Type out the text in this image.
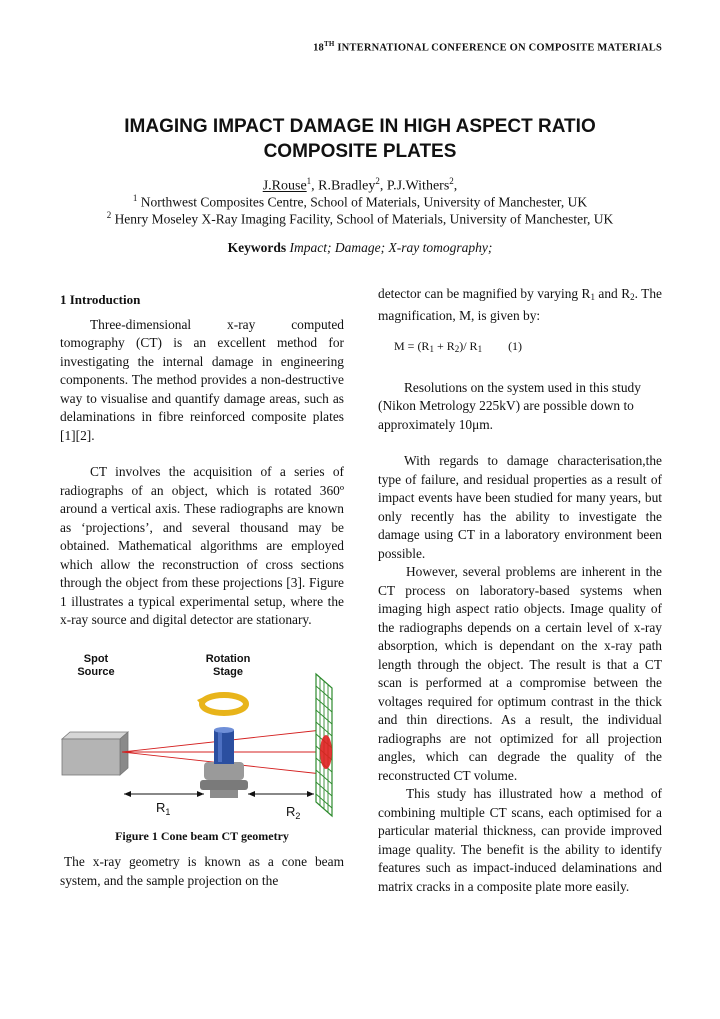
18TH INTERNATIONAL CONFERENCE ON COMPOSITE MATERIALS
IMAGING IMPACT DAMAGE IN HIGH ASPECT RATIO
COMPOSITE PLATES
J.Rouse$^1$, R.Bradley$^2$, P.J.Withers$^2$,
$^1$ Northwest Composites Centre, School of Materials, University of Manchester, UK
$^2$ Henry Moseley X-Ray Imaging Facility, School of Materials, University of Manchester, UK
Keywords Impact; Damage; X-ray tomography;

1 Introduction

Three-dimensional x-ray computed tomography (CT) is an excellent method for investigating the internal damage in engineering components. The method provides a non-destructive way to visualise and quantify damage areas, such as delaminations in fibre reinforced composite plates [1][2].

CT involves the acquisition of a series of radiographs of an object, which is rotated 360º around a vertical axis. These radiographs are known as ‘projections’, and several thousand may be obtained. Mathematical algorithms are employed which allow the reconstruction of cross sections through the object from these projections [3]. Figure 1 illustrates a typical experimental setup, where the x-ray source and digital detector are stationary.

Spot
Source
Rotation
Stage
$R_1$	$R_2$
Figure 1 Cone beam CT geometry

The x-ray geometry is known as a cone beam system, and the sample projection on the

detector can be magnified by varying $R_1$ and $R_2$. The magnification, M, is given by:

$M = (R_1 + R_2)/$ $R_1$ (1)

Resolutions on the system used in this study (Nikon Metrology 225kV) are possible down to approximately 10μm.

With regards to damage characterisation,the type of failure, and residual properties as a result of impact events have been studied for many years, but only recently has the ability to investigate the damage using CT in a laboratory environment been possible.

However, several problems are inherent in the CT process on laboratory-based systems when imaging high aspect ratio objects. Image quality of the radiographs depends on a certain level of x-ray absorption, which is dependant on the x-ray path length through the object. The result is that a CT scan is performed at a compromise between the voltages required for optimum contrast in the thick and thin directions. As a result, the individual radiographs are not optimized for all projection angles, which can degrade the quality of the reconstructed CT volume.

This study has illustrated how a method of combining multiple CT scans, each optimised for a particular material thickness, can provide improved image quality. The benefit is the ability to identify features such as impact-induced delaminations and matrix cracks in a composite plate more easily.
